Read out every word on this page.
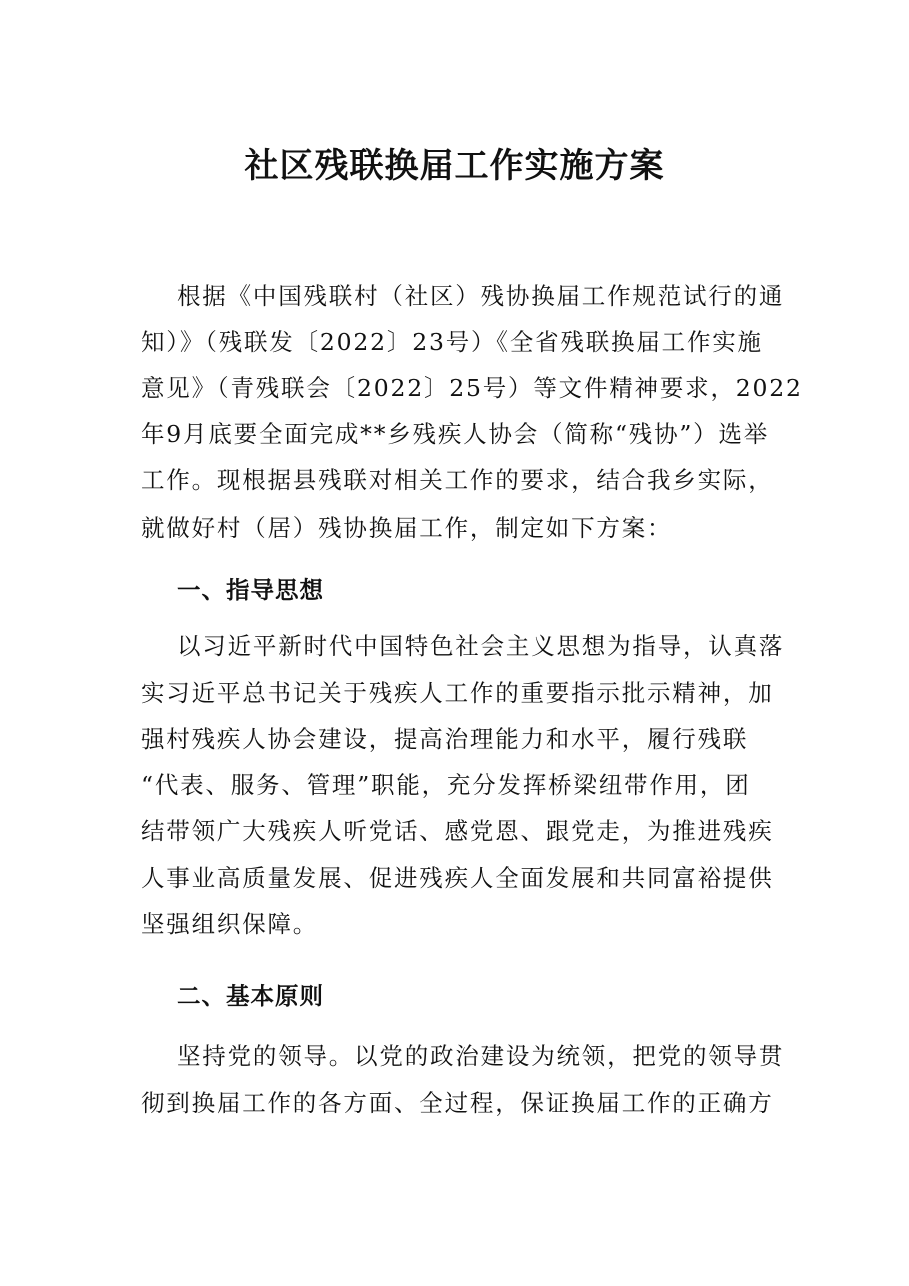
社区残联换届工作实施方案
根据《中国残联村（社区）残协换届工作规范试行的通
知）》（残联发〔2022〕23号）《全省残联换届工作实施
意见》（青残联会〔2022〕25号）等文件精神要求，2022
年9月底要全面完成**乡残疾人协会（简称“残协”）选举
工作。现根据县残联对相关工作的要求，结合我乡实际，
就做好村（居）残协换届工作，制定如下方案：
一、指导思想
以习近平新时代中国特色社会主义思想为指导，认真落
实习近平总书记关于残疾人工作的重要指示批示精神，加
强村残疾人协会建设，提高治理能力和水平，履行残联
“代表、服务、管理”职能，充分发挥桥梁纽带作用，团
结带领广大残疾人听党话、感党恩、跟党走，为推进残疾
人事业高质量发展、促进残疾人全面发展和共同富裕提供
坚强组织保障。
二、基本原则
坚持党的领导。以党的政治建设为统领，把党的领导贯
彻到换届工作的各方面、全过程，保证换届工作的正确方
